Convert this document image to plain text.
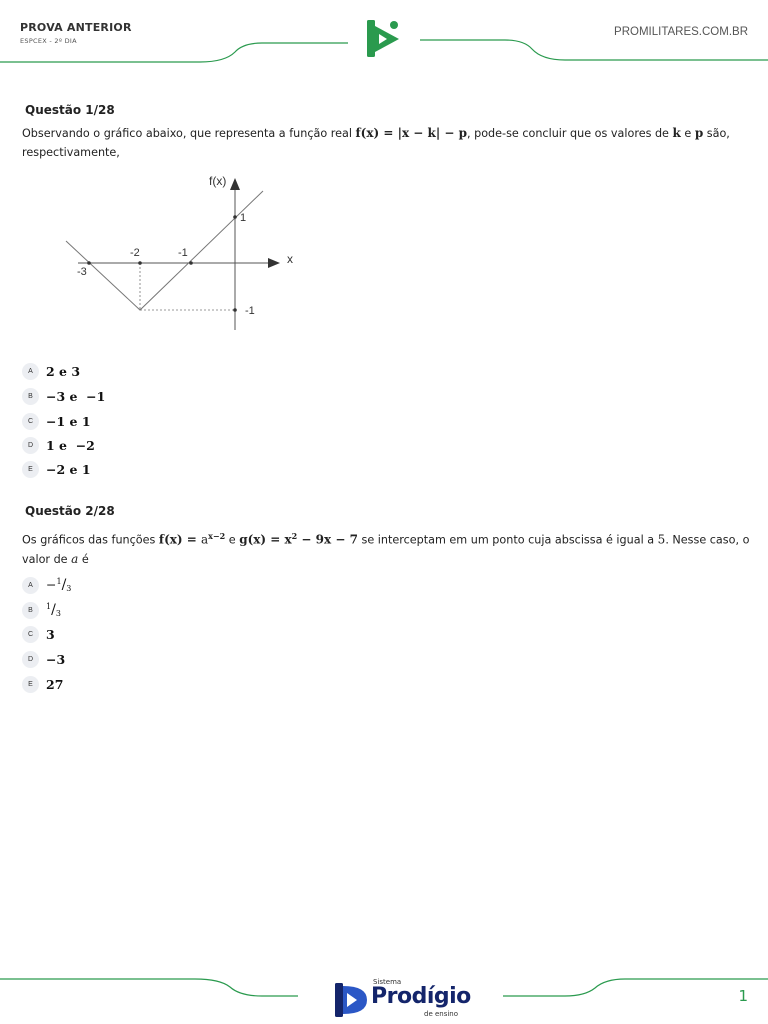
PROVA ANTERIOR
ESPCEX - 2º DIA
PROMILITARES.COM.BR
Questão 1/28
Observando o gráfico abaixo, que representa a função real f(x) = |x − k| − p, pode-se concluir que os valores de k e p são, respectivamente,
f(x)
x
-3
-2	-1
1
-1
A	2 e 3
B	−3 e  −1
C	−1 e 1
D	1 e  −2
E	−2 e 1
Questão 2/28
Os gráficos das funções $f(x) = a^{x-2}$ e $g(x) = x^2 - 9x - 7$ se interceptam em um ponto cuja abscissa é igual a 5. Nesse caso, o valor de a é
A	$-^1/_3$
B	$^1/_3$
C	3
D	−3
E	27
Sistema
Prodígio
de ensino
1
